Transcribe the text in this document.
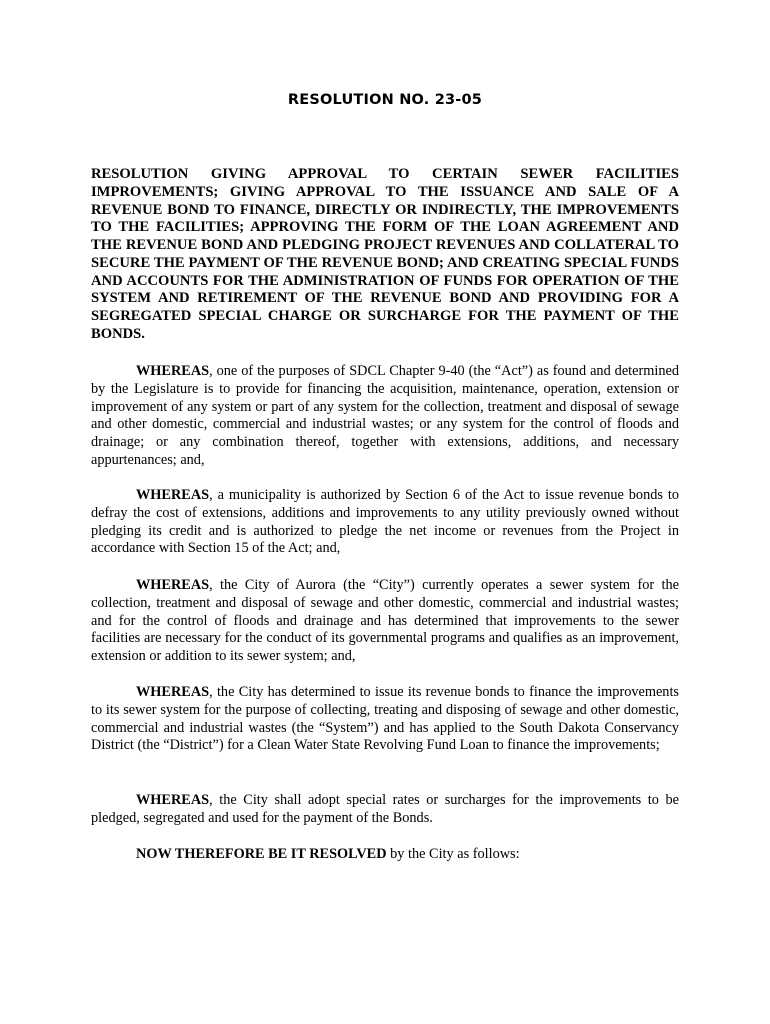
RESOLUTION NO. 23-05

RESOLUTION GIVING APPROVAL TO CERTAIN SEWER FACILITIES IMPROVEMENTS; GIVING APPROVAL TO THE ISSUANCE AND SALE OF A REVENUE BOND TO FINANCE, DIRECTLY OR INDIRECTLY, THE IMPROVEMENTS TO THE FACILITIES; APPROVING THE FORM OF THE LOAN AGREEMENT AND THE REVENUE BOND AND PLEDGING PROJECT REVENUES AND COLLATERAL TO SECURE THE PAYMENT OF THE REVENUE BOND; AND CREATING SPECIAL FUNDS AND ACCOUNTS FOR THE ADMINISTRATION OF FUNDS FOR OPERATION OF THE SYSTEM AND RETIREMENT OF THE REVENUE BOND AND PROVIDING FOR A SEGREGATED SPECIAL CHARGE OR SURCHARGE FOR THE PAYMENT OF THE BONDS.

WHEREAS, one of the purposes of SDCL Chapter 9-40 (the “Act”) as found and determined by the Legislature is to provide for financing the acquisition, maintenance, operation, extension or improvement of any system or part of any system for the collection, treatment and disposal of sewage and other domestic, commercial and industrial wastes; or any system for the control of floods and drainage; or any combination thereof, together with extensions, additions, and necessary appurtenances; and,

WHEREAS, a municipality is authorized by Section 6 of the Act to issue revenue bonds to defray the cost of extensions, additions and improvements to any utility previously owned without pledging its credit and is authorized to pledge the net income or revenues from the Project in accordance with Section 15 of the Act; and,

WHEREAS, the City of Aurora (the “City”) currently operates a sewer system for the collection, treatment and disposal of sewage and other domestic, commercial and industrial wastes; and for the control of floods and drainage and has determined that improvements to the sewer facilities are necessary for the conduct of its governmental programs and qualifies as an improvement, extension or addition to its sewer system; and,

WHEREAS, the City has determined to issue its revenue bonds to finance the improvements to its sewer system for the purpose of collecting, treating and disposing of sewage and other domestic, commercial and industrial wastes (the “System”) and has applied to the South Dakota Conservancy District (the “District”) for a Clean Water State Revolving Fund Loan to finance the improvements;

WHEREAS, the City shall adopt special rates or surcharges for the improvements to be pledged, segregated and used for the payment of the Bonds.

NOW THEREFORE BE IT RESOLVED by the City as follows:
